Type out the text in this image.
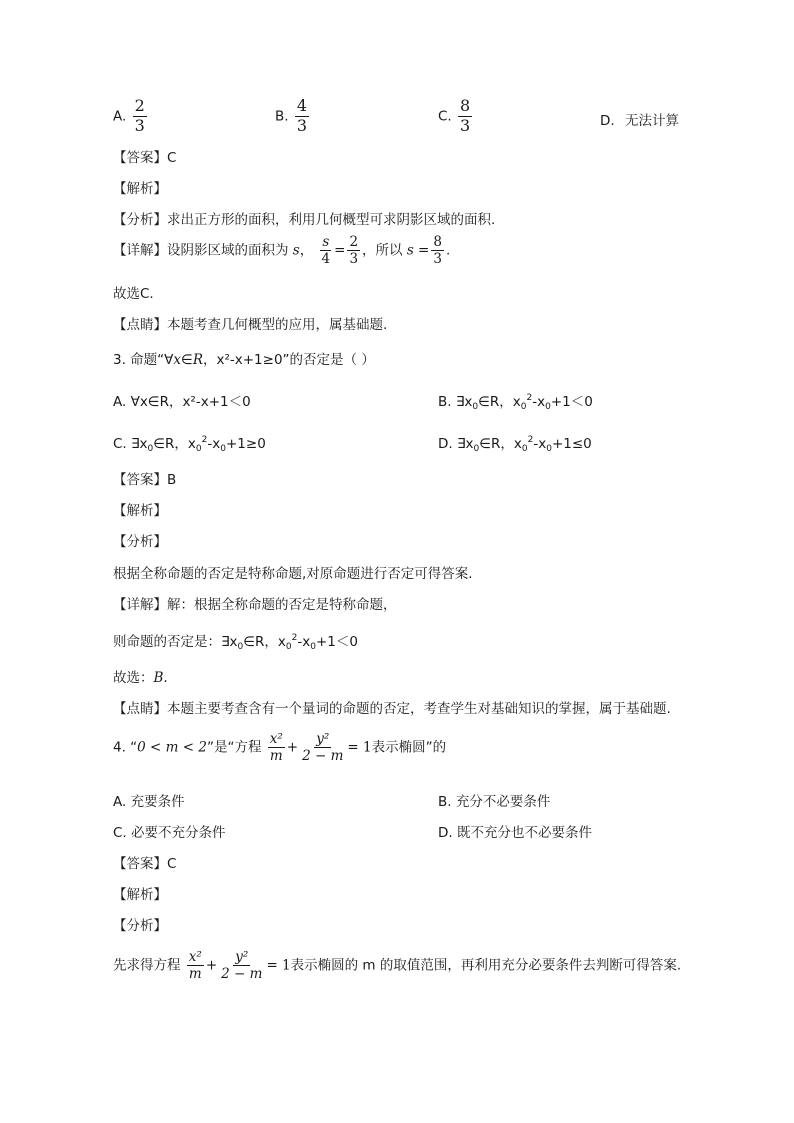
A. $\frac{2}{3}$	B. $\frac{4}{3}$	C. $\frac{8}{3}$	D. 无法计算
【答案】C
【解析】
【分析】求出正方形的面积，利用几何概型可求阴影区域的面积.
【详解】设阴影区域的面积为 s， $\frac{s}{4} = \frac{2}{3}$ ，所以 $s = \frac{8}{3}$ .
故选C.
【点睛】本题考查几何概型的应用，属基础题.
3. 命题“∀x∈R，x²-x+1≥0”的否定是（ ）
A. ∀x∈R，x²-x+1＜0	B. $\exists x_0\in R$，$x_0^2-x_0+1<0$
C. $\exists x_0\in R$，$x_0^2-x_0+1\ge 0$	D. $\exists x_0\in R$，$x_0^2-x_0+1\le 0$
【答案】B
【解析】
【分析】
根据全称命题的否定是特称命题,对原命题进行否定可得答案.
【详解】解：根据全称命题的否定是特称命题，
则命题的否定是：$\exists x_0\in R$，$x_0^2-x_0+1<0$
故选：B.
【点睛】本题主要考查含有一个量词的命题的否定，考查学生对基础知识的掌握，属于基础题.
4. “0 < m < 2”是“方程 $\frac{\text{x²}}{m} + \frac{\text{y²}}{2 - m} = 1$表示椭圆”的
A. 充要条件	B. 充分不必要条件
C. 必要不充分条件	D. 既不充分也不必要条件
【答案】C
【解析】
【分析】
先求得方程 $\frac{\text{x²}}{m} + \frac{\text{y²}}{2 - m} = 1$表示椭圆的 m 的取值范围，再利用充分必要条件去判断可得答案.
